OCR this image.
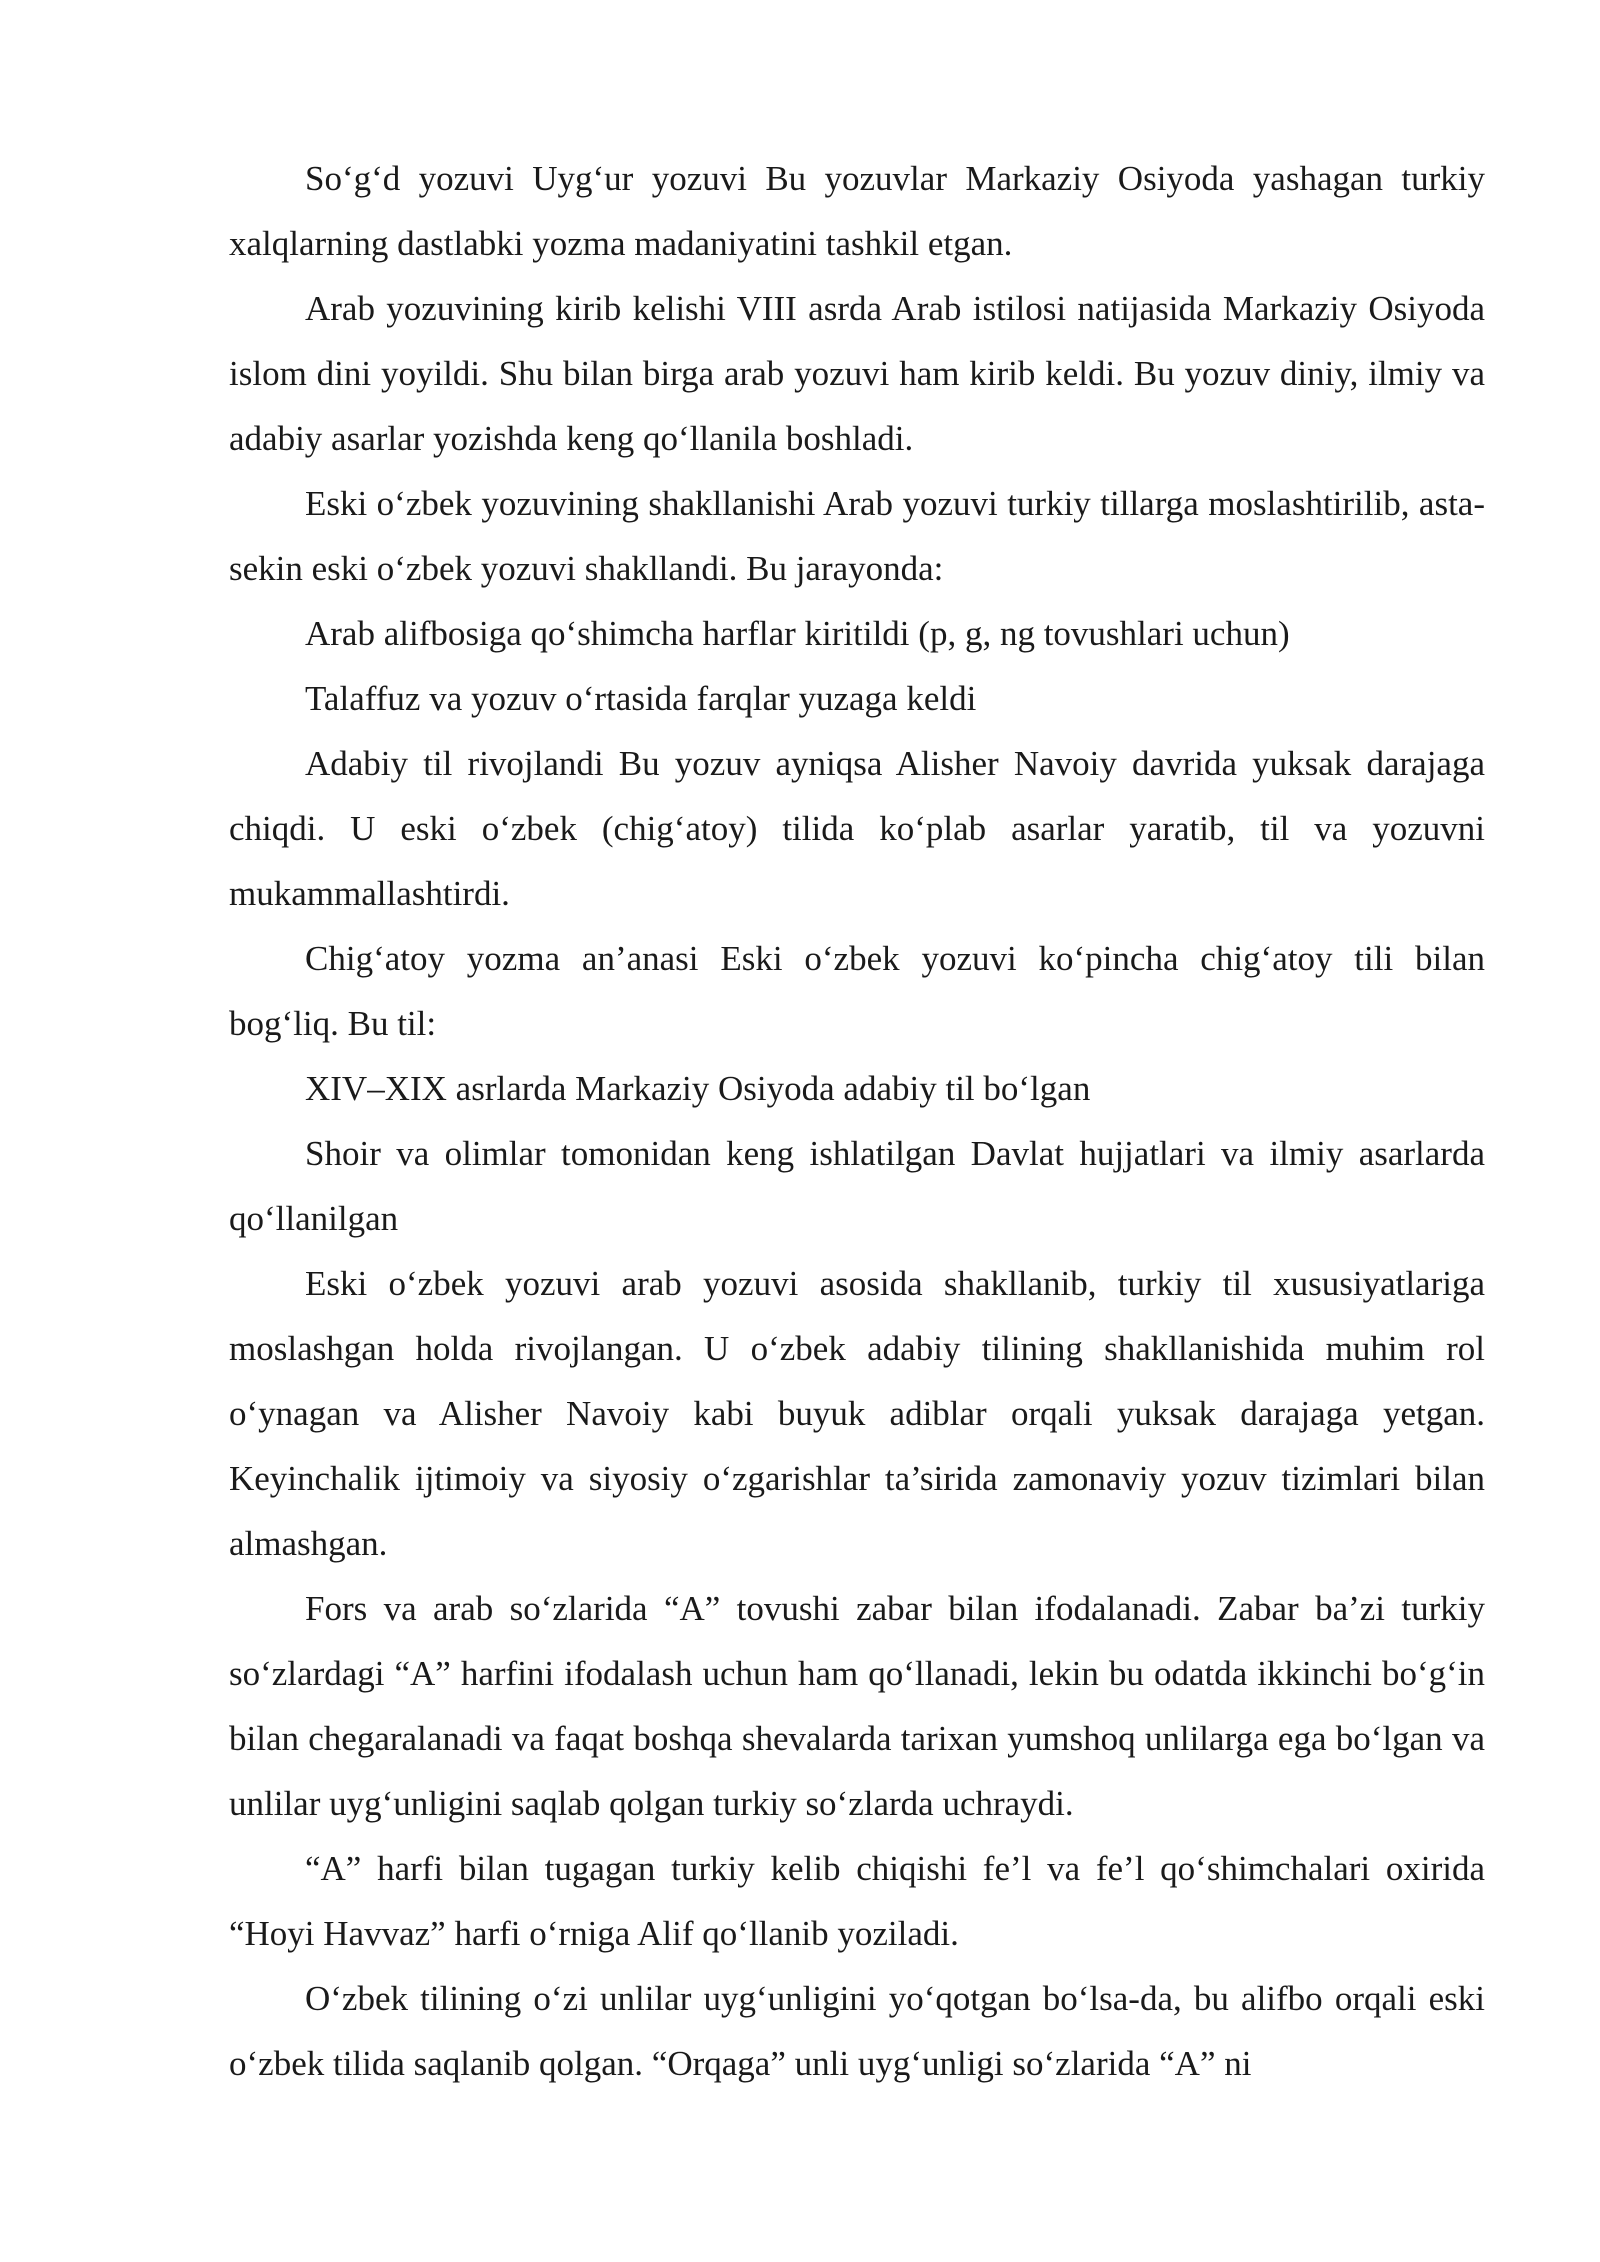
So‘g‘d yozuvi Uyg‘ur yozuvi Bu yozuvlar Markaziy Osiyoda yashagan turkiy xalqlarning dastlabki yozma madaniyatini tashkil etgan.

Arab yozuvining kirib kelishi VIII asrda Arab istilosi natijasida Markaziy Osiyoda islom dini yoyildi. Shu bilan birga arab yozuvi ham kirib keldi. Bu yozuv diniy, ilmiy va adabiy asarlar yozishda keng qo‘llanila boshladi.

Eski o‘zbek yozuvining shakllanishi Arab yozuvi turkiy tillarga moslashtirilib, asta-sekin eski o‘zbek yozuvi shakllandi. Bu jarayonda:

Arab alifbosiga qo‘shimcha harflar kiritildi (p, g, ng tovushlari uchun)

Talaffuz va yozuv o‘rtasida farqlar yuzaga keldi

Adabiy til rivojlandi Bu yozuv ayniqsa Alisher Navoiy davrida yuksak darajaga chiqdi. U eski o‘zbek (chig‘atoy) tilida ko‘plab asarlar yaratib, til va yozuvni mukammallashtirdi.

Chig‘atoy yozma an’anasi Eski o‘zbek yozuvi ko‘pincha chig‘atoy tili bilan bog‘liq. Bu til:

XIV–XIX asrlarda Markaziy Osiyoda adabiy til bo‘lgan

Shoir va olimlar tomonidan keng ishlatilgan Davlat hujjatlari va ilmiy asarlarda qo‘llanilgan

Eski o‘zbek yozuvi arab yozuvi asosida shakllanib, turkiy til xususiyatlariga moslashgan holda rivojlangan. U o‘zbek adabiy tilining shakllanishida muhim rol o‘ynagan va Alisher Navoiy kabi buyuk adiblar orqali yuksak darajaga yetgan. Keyinchalik ijtimoiy va siyosiy o‘zgarishlar ta’sirida zamonaviy yozuv tizimlari bilan almashgan.

Fors va arab so‘zlarida “A” tovushi zabar bilan ifodalanadi. Zabar ba’zi turkiy so‘zlardagi “A” harfini ifodalash uchun ham qo‘llanadi, lekin bu odatda ikkinchi bo‘g‘in bilan chegaralanadi va faqat boshqa shevalarda tarixan yumshoq unlilarga ega bo‘lgan va unlilar uyg‘unligini saqlab qolgan turkiy so‘zlarda uchraydi.

“A” harfi bilan tugagan turkiy kelib chiqishi fe’l va fe’l qo‘shimchalari oxirida “Hoyi Havvaz” harfi o‘rniga Alif qo‘llanib yoziladi.

O‘zbek tilining o‘zi unlilar uyg‘unligini yo‘qotgan bo‘lsa-da, bu alifbo orqali eski o‘zbek tilida saqlanib qolgan. “Orqaga” unli uyg‘unligi so‘zlarida “A” ni
